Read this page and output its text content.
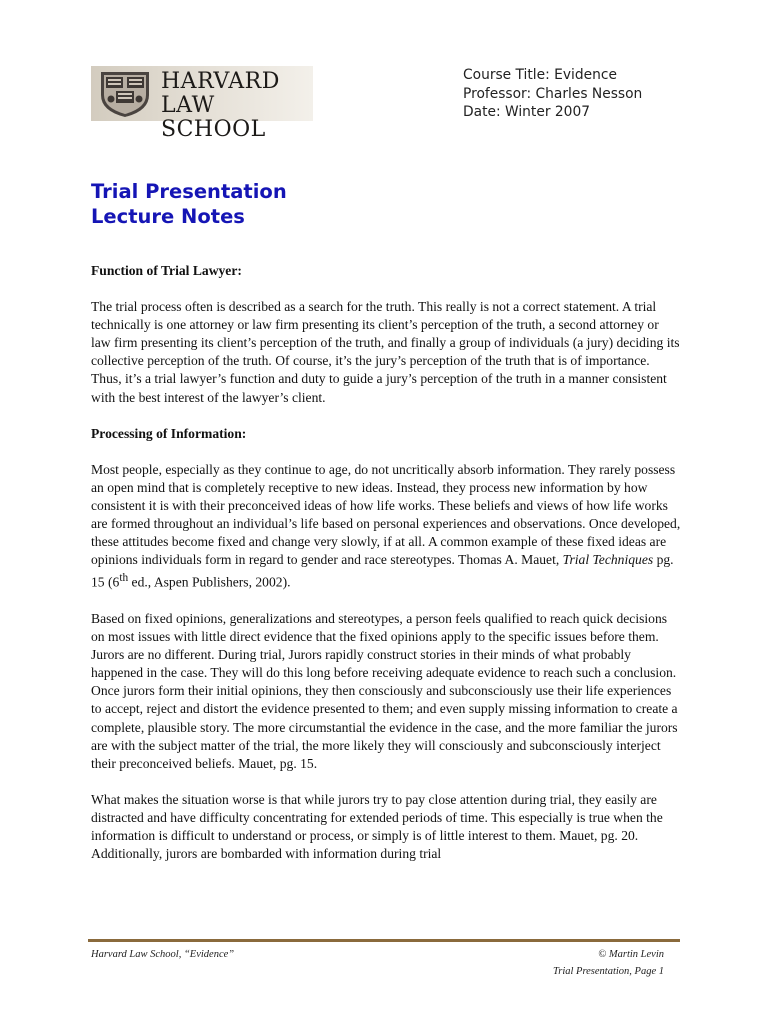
HARVARD
LAW SCHOOL
Course Title: Evidence
Professor: Charles Nesson
Date: Winter 2007
Trial Presentation
Lecture Notes
Function of Trial Lawyer:

The trial process often is described as a search for the truth. This really is not a correct statement. A trial technically is one attorney or law firm presenting its client’s perception of the truth, a second attorney or law firm presenting its client’s perception of the truth, and finally a group of individuals (a jury) deciding its collective perception of the truth. Of course, it’s the jury’s perception of the truth that is of importance. Thus, it’s a trial lawyer’s function and duty to guide a jury’s perception of the truth in a manner consistent with the best interest of the lawyer’s client.

Processing of Information:

Most people, especially as they continue to age, do not uncritically absorb information. They rarely possess an open mind that is completely receptive to new ideas. Instead, they process new information by how consistent it is with their preconceived ideas of how life works. These beliefs and views of how life works are formed throughout an individual’s life based on personal experiences and observations. Once developed, these attitudes become fixed and change very slowly, if at all. A common example of these fixed ideas are opinions individuals form in regard to gender and race stereotypes. Thomas A. Mauet, Trial Techniques pg. 15 (6th ed., Aspen Publishers, 2002).

Based on fixed opinions, generalizations and stereotypes, a person feels qualified to reach quick decisions on most issues with little direct evidence that the fixed opinions apply to the specific issues before them. Jurors are no different. During trial, Jurors rapidly construct stories in their minds of what probably happened in the case. They will do this long before receiving adequate evidence to reach such a conclusion. Once jurors form their initial opinions, they then consciously and subconsciously use their life experiences to accept, reject and distort the evidence presented to them; and even supply missing information to create a complete, plausible story. The more circumstantial the evidence in the case, and the more familiar the jurors are with the subject matter of the trial, the more likely they will consciously and subconsciously interject their preconceived beliefs. Mauet, pg. 15.

What makes the situation worse is that while jurors try to pay close attention during trial, they easily are distracted and have difficulty concentrating for extended periods of time. This especially is true when the information is difficult to understand or process, or simply is of little interest to them. Mauet, pg. 20. Additionally, jurors are bombarded with information during trial

Harvard Law School, “Evidence”	© Martin Levin
Trial Presentation, Page 1
